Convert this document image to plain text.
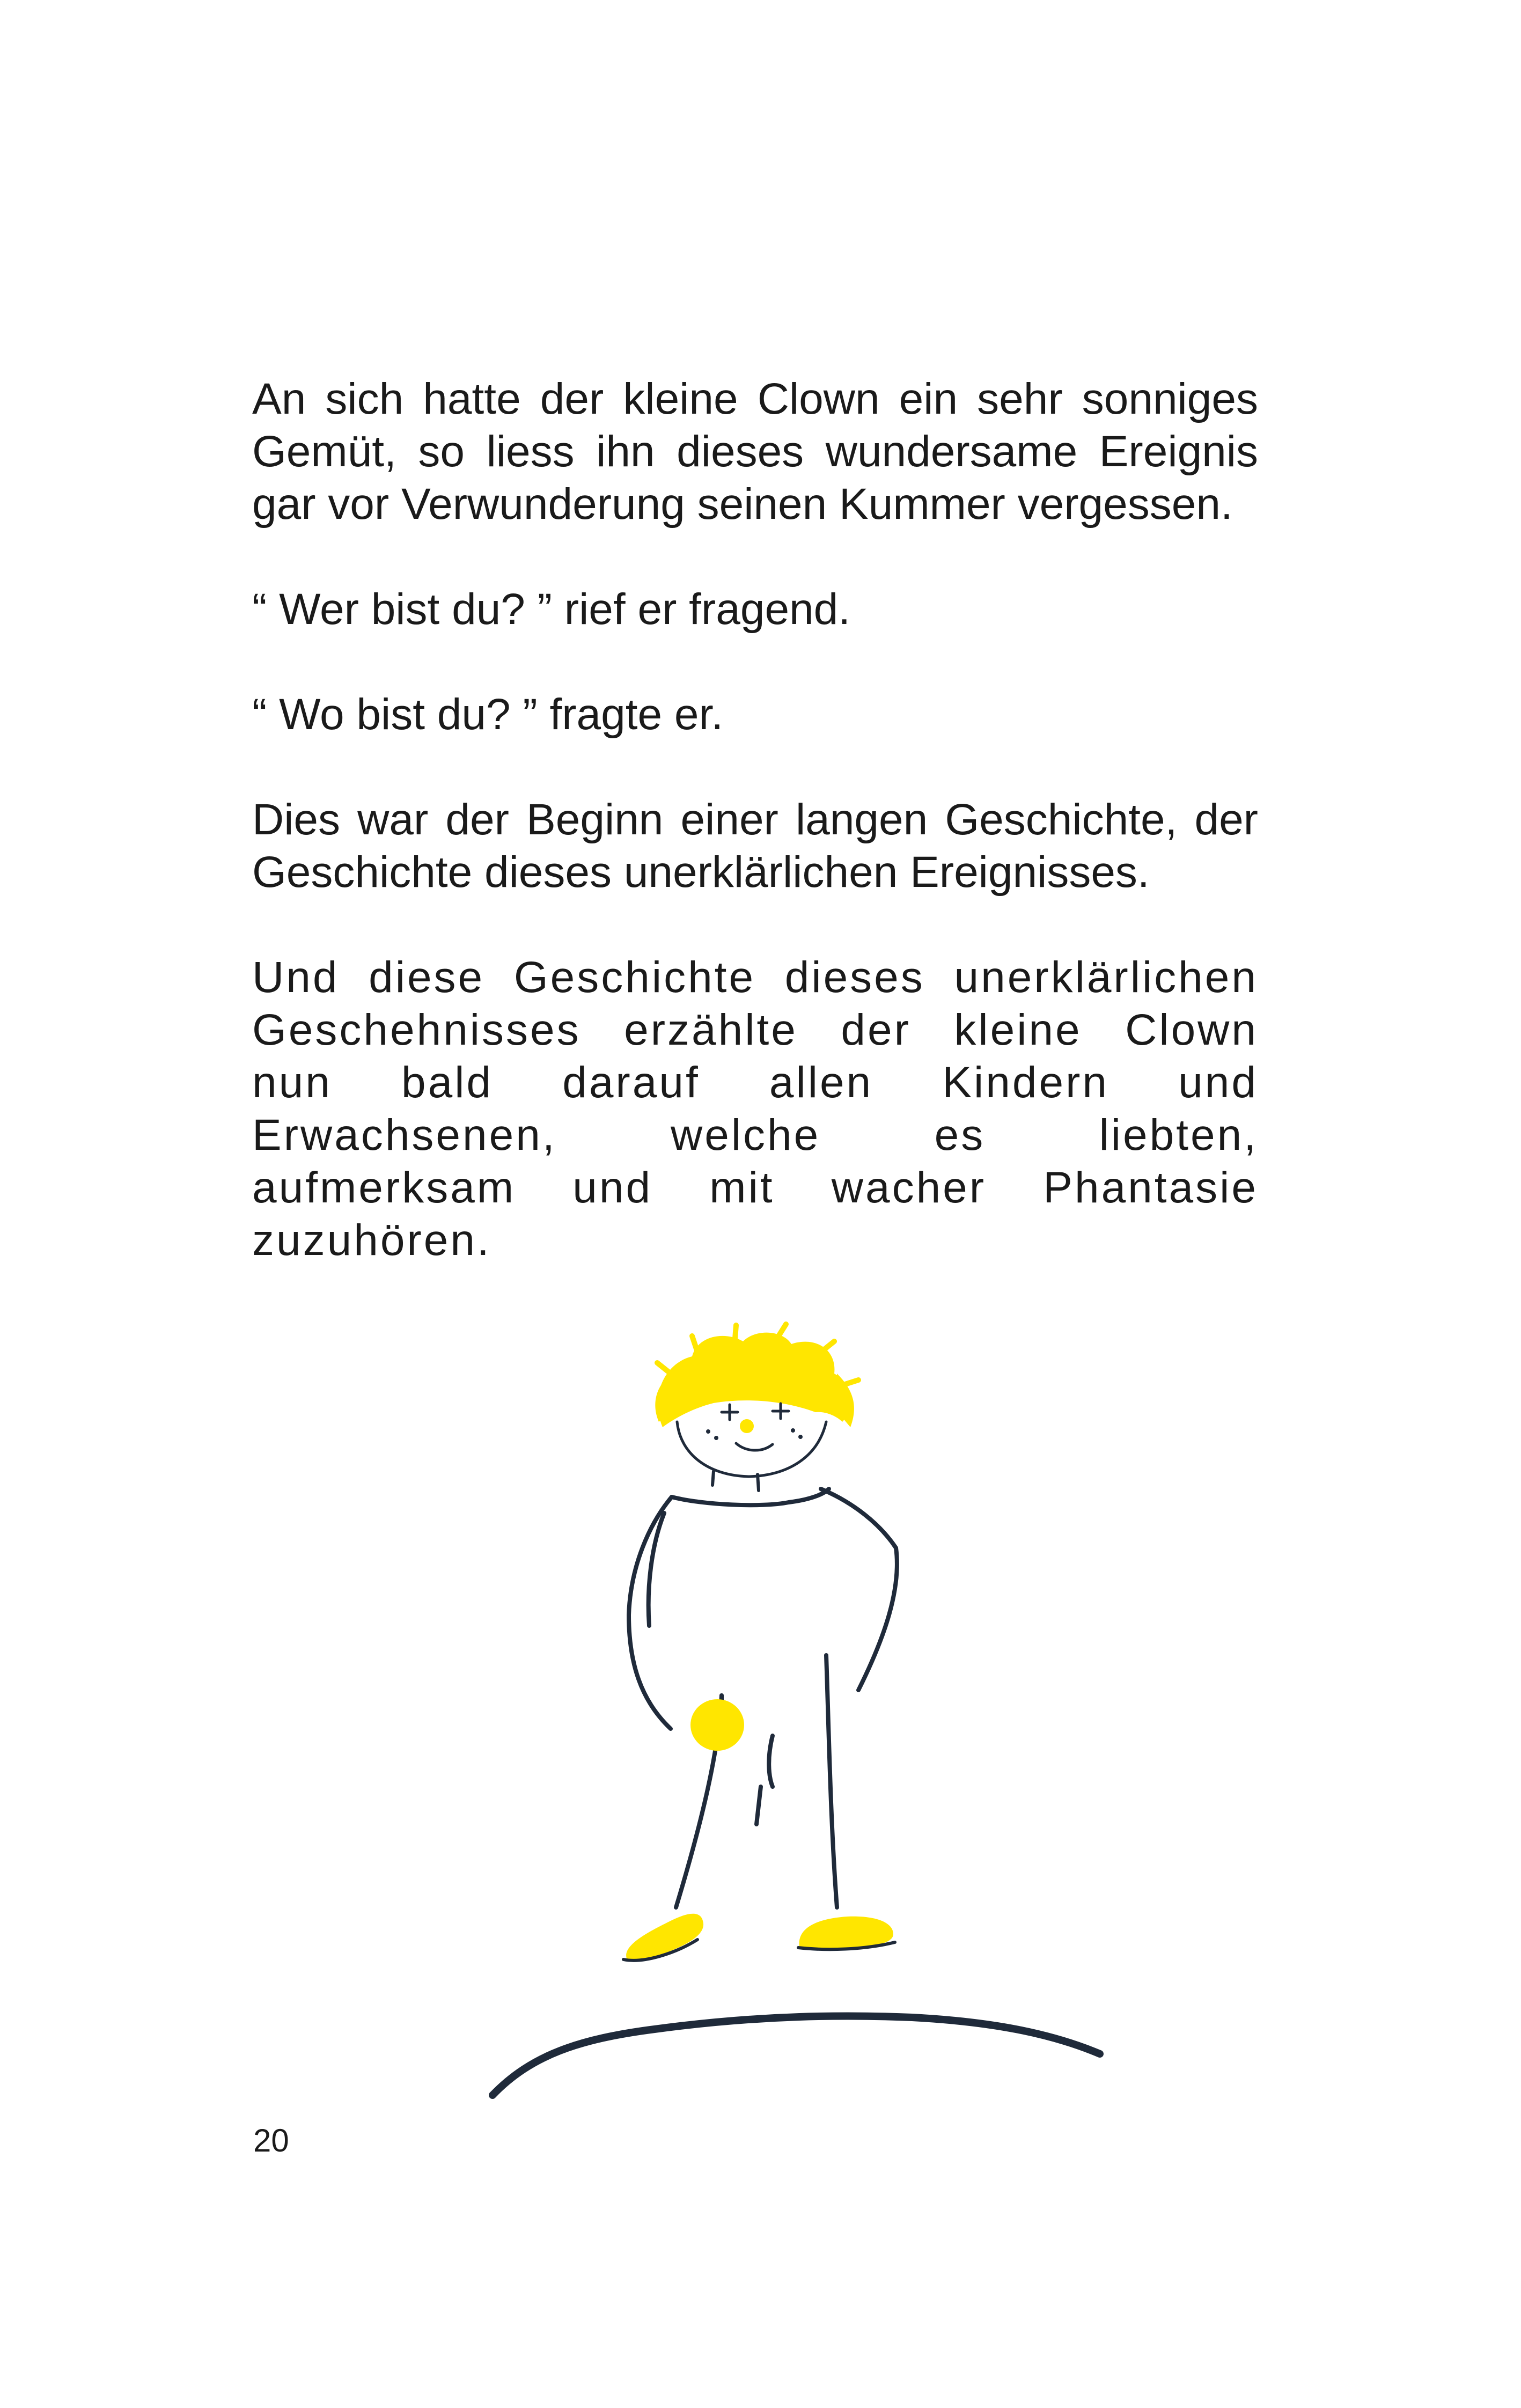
An sich hatte der kleine Clown ein sehr sonniges Gemüt, so liess ihn dieses wundersame Ereignis gar vor Verwunderung seinen Kummer vergessen.

“ Wer bist du? ” rief er fragend.

“ Wo bist du? ” fragte er.

Dies war der Beginn einer langen Geschichte, der Geschichte dieses unerklärlichen Ereignisses.

Und diese Geschichte dieses unerklärlichen Geschehnisses erzählte der kleine Clown nun bald darauf allen Kindern und Erwachsenen, welche es liebten, aufmerksam und mit wacher Phantasie zuzuhören.

20
